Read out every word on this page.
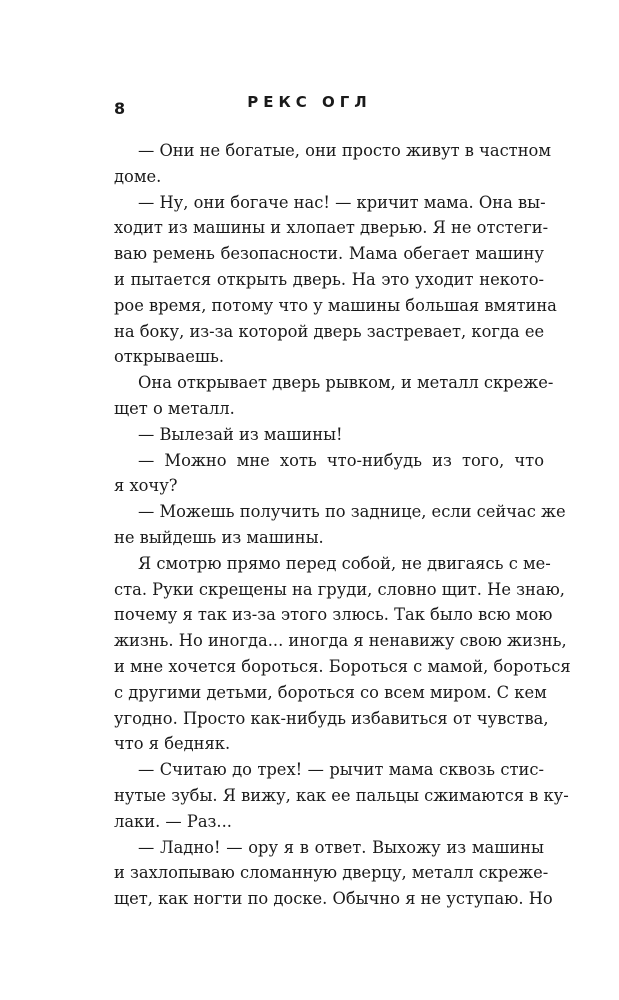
8	РЕКС ОГЛ
— Они не богатые, они просто живут в частном
доме.
— Ну, они богаче нас! — кричит мама. Она вы-
ходит из машины и хлопает дверью. Я не отстеги-
ваю ремень безопасности. Мама обегает машину
и пытается открыть дверь. На это уходит некото-
рое время, потому что у машины большая вмятина
на боку, из-за которой дверь застревает, когда ее
открываешь.
Она открывает дверь рывком, и металл скреже-
щет о металл.
— Вылезай из машины!
— Можно мне хоть что-нибудь из того, что
я хочу?
— Можешь получить по заднице, если сейчас же
не выйдешь из машины.
Я смотрю прямо перед собой, не двигаясь с ме-
ста. Руки скрещены на груди, словно щит. Не знаю,
почему я так из-за этого злюсь. Так было всю мою
жизнь. Но иногда... иногда я ненавижу свою жизнь,
и мне хочется бороться. Бороться с мамой, бороться
с другими детьми, бороться со всем миром. С кем
угодно. Просто как-нибудь избавиться от чувства,
что я бедняк.
— Считаю до трех! — рычит мама сквозь стис-
нутые зубы. Я вижу, как ее пальцы сжимаются в ку-
лаки. — Раз...
— Ладно! — ору я в ответ. Выхожу из машины
и захлопываю сломанную дверцу, металл скреже-
щет, как ногти по доске. Обычно я не уступаю. Но
